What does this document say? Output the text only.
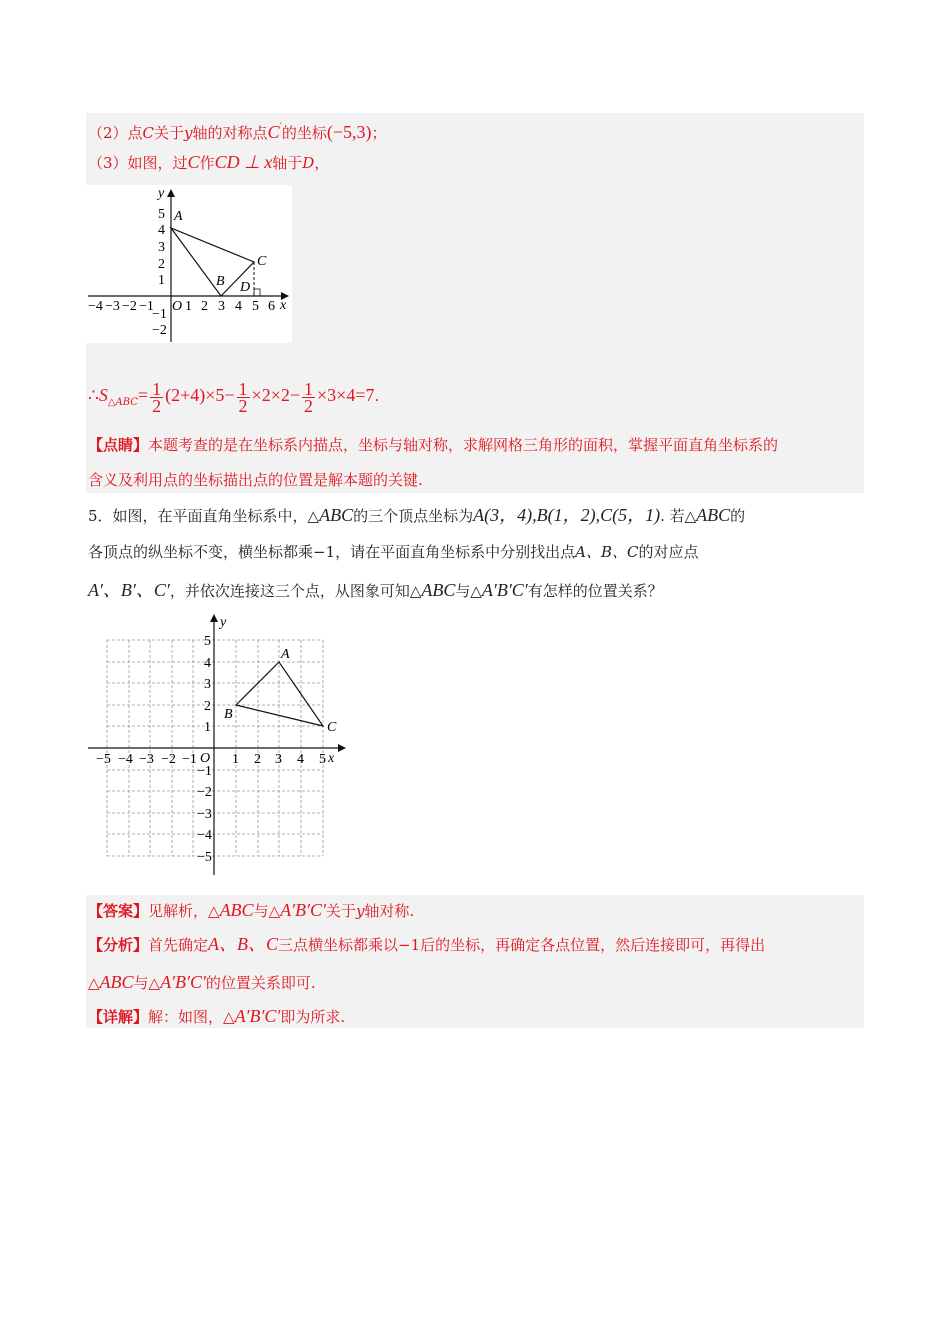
（2）点C关于y轴的对称点C′的坐标(−5,3)；
（3）如图，过C作CD ⊥ x轴于D，
y
x
O
−4 −3 −2 −1 1 2 3 4 5 6
5
4
3
2
1
−1
−2
A
B
C
D
$\therefore S_{\triangle ABC}= \frac{1}{2} (2+4)\times 5- \frac{1}{2} \times 2\times 2- \frac{1}{2} \times 3\times 4=7$.
【点睛】本题考查的是在坐标系内描点，坐标与轴对称，求解网格三角形的面积，掌握平面直角坐标系的
含义及利用点的坐标描出点的位置是解本题的关键.
5．如图，在平面直角坐标系中，△ABC的三个顶点坐标为A(3，4),B(1，2),C(5，1). 若△ABC的
各顶点的纵坐标不变，横坐标都乘−1，请在平面直角坐标系中分别找出点A、B、C的对应点
A′、B′、C′，并依次连接这三个点，从图象可知△ABC与△A′B′C′有怎样的位置关系？
y
x
O
−5 −4 −3 −2 −1	1 2 3 4 5
5
4
3
2
1
−1
−2
−3
−4
−5
A
B
C
【答案】见解析，△ABC与△A′B′C′关于y轴对称.
【分析】首先确定A、B、C三点横坐标都乘以−1后的坐标，再确定各点位置，然后连接即可，再得出
△ABC与△A′B′C′的位置关系即可.
【详解】解：如图，△A′B′C′即为所求.
